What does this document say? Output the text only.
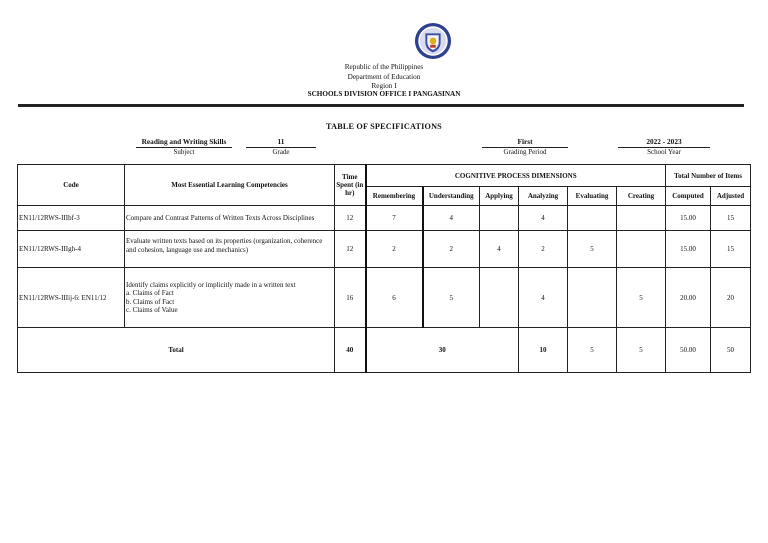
Republic of the Philippines
Department of Education
Region I
SCHOOLS DIVISION OFFICE I PANGASINAN
TABLE OF SPECIFICATIONS
Reading and Writing Skills
Subject
11
Grade
First
Grading Period
2022 - 2023
School Year
Code	Most Essential Learning Competencies	Time Spent (in hr)	COGNITIVE PROCESS DIMENSIONS						Total Number of Items	
			Remembering	Understanding	Applying	Analyzing	Evaluating	Creating	Computed	Adjusted
EN11/12RWS-IIIbf-3	Compare and Contrast Patterns of Written Texts Across Disciplines	12	7	4		4			15.00	15
EN11/12RWS-IIIgh-4	Evaluate written texts based on its properties (organization, coherence and cohesion, language use and mechanics)	12	2	2	4	2	5		15.00	15
EN11/12RWS-IIIij-6: EN11/12	Identify claims explicitly or implicitly made in a written text
a. Claims of Fact
b. Claims of Fact
c. Claims of Value	16	6	5		4		5	20.00	20
Total		40	30			10	5	5	50.00	50
